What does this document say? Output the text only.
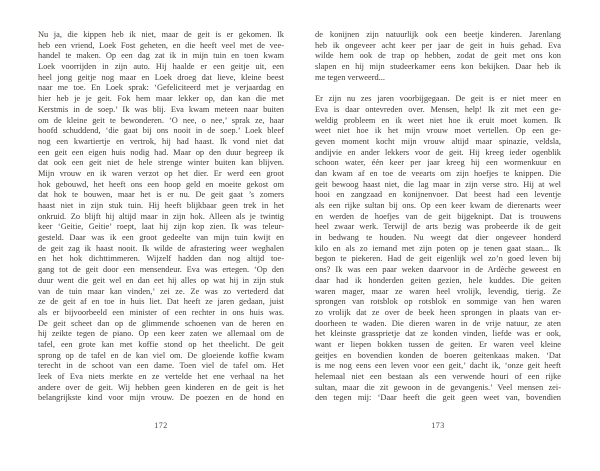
Nu ja, die kippen heb ik niet, maar de geit is er gekomen. Ik
heb een vriend, Loek Fost geheten, en die heeft veel met de vee-
handel te maken. Op een dag zat ik in mijn tuin en toen kwam
Loek voorrijden in zijn auto. Hij haalde er een geitje uit, een
heel jong geitje nog maar en Loek droeg dat lieve, kleine beest
naar me toe. En Loek sprak: ‘Gefeliciteerd met je verjaardag en
hier heb je je geit. Fok hem maar lekker op, dan kan die met
Kerstmis in de soep.’ Ik was blij. Eva kwam meteen naar buiten
om de kleine geit te bewonderen. ‘O nee, o nee,’ sprak ze, haar
hoofd schuddend, ‘die gaat bij ons nooit in de soep.’ Loek bleef
nog een kwartiertje en vertrok, hij had haast. Ik vond niet dat
een geit een eigen huis nodig had. Maar op den duur begreep ik
dat ook een geit niet de hele strenge winter buiten kan blijven.
Mijn vrouw en ik waren verzot op het dier. Er werd een groot
hok gebouwd, het heeft ons een hoop geld en moeite gekost om
dat hok te bouwen, maar het is er nu. De geit gaat ’s zomers
haast niet in zijn stuk tuin. Hij heeft blijkbaar geen trek in het
onkruid. Zo blijft hij altijd maar in zijn hok. Alleen als je twintig
keer ‘Geitie, Geitie’ roept, laat hij zijn kop zien. Ik was teleur-
gesteld. Daar was ik een groot gedeelte van mijn tuin kwijt en
de geit zag ik haast nooit. Ik wilde de afrastering weer weghalen
en het hok dichttimmeren. Wijzelf hadden dan nog altijd toe-
gang tot de geit door een mensendeur. Eva was ertegen. ‘Op den
duur went die geit wel en dan eet hij alles op wat hij in zijn stuk
van de tuin maar kan vinden,’ zei ze. Ze was zo vertederd dat
ze de geit af en toe in huis liet. Dat heeft ze jaren gedaan, juist
als er bijvoorbeeld een minister of een rechter in ons huis was.
De geit scheet dan op de glimmende schoenen van de heren en
hij zeikte tegen de piano. Op een keer zaten we allemaal om de
tafel, een grote kan met koffie stond op het theelicht. De geit
sprong op de tafel en de kan viel om. De gloeiende koffie kwam
terecht in de schoot van een dame. Toen viel de tafel om. Het
leek of Eva niets merkte en ze vertelde het ene verhaal na het
andere over de geit. Wij hebben geen kinderen en de geit is het
belangrijkste kind voor mijn vrouw. De poezen en de hond en
172
de konijnen zijn natuurlijk ook een beetje kinderen. Jarenlang
heb ik ongeveer acht keer per jaar de geit in huis gehad. Eva
wilde hem ook de trap op hebben, zodat de geit met ons kon
slapen en hij mijn studeerkamer eens kon bekijken. Daar heb ik
me tegen verweerd...
Er zijn nu zes jaren voorbijgegaan. De geit is er niet meer en
Eva is daar ontevreden over. Mensen, help! Ik zit met een ge-
weldig probleem en ik weet niet hoe ik eruit moet komen. Ik
weet niet hoe ik het mijn vrouw moet vertellen. Op een ge-
geven moment kocht mijn vrouw altijd maar spinazie, veldsla,
andijvie en ander lekkers voor de geit. Hij kreeg ieder ogenblik
schoon water, één keer per jaar kreeg hij een wormenkuur en
dan kwam af en toe de veearts om zijn hoefjes te knippen. Die
geit bewoog haast niet, die lag maar in zijn verse stro. Hij at wel
hooi en zangzaad en konijnenvoer. Dat beest had een leventje
als een rijke sultan bij ons. Op een keer kwam de dierenarts weer
en werden de hoefjes van de geit bijgeknipt. Dat is trouwens
heel zwaar werk. Terwijl de arts bezig was probeerde ik de geit
in bedwang te houden. Nu weegt dat dier ongeveer honderd
kilo en als zo iemand met zijn poten op je tenen gaat staan... Ik
begon te piekeren. Had de geit eigenlijk wel zo’n goed leven bij
ons? Ik was een paar weken daarvoor in de Ardèche geweest en
daar had ik honderden geiten gezien, hele kuddes. Die geiten
waren mager, maar ze waren heel vrolijk, levendig, tierig. Ze
sprongen van rotsblok op rotsblok en sommige van hen waren
zo vrolijk dat ze over de beek heen sprongen in plaats van er-
doorheen te waden. Die dieren waren in de vrije natuur, ze aten
het kleinste grassprietje dat ze konden vinden, liefde was er ook,
want er liepen bokken tussen de geiten. Er waren veel kleine
geitjes en bovendien konden de boeren geitenkaas maken. ‘Dat
is me nog eens een leven voor een geit,’ dacht ik, ‘onze geit heeft
helemaal niet een bestaan als een verwende houri of een rijke
sultan, maar die zit gewoon in de gevangenis.’ Veel mensen zei-
den tegen mij: ‘Daar heeft die geit geen weet van, bovendien
173
